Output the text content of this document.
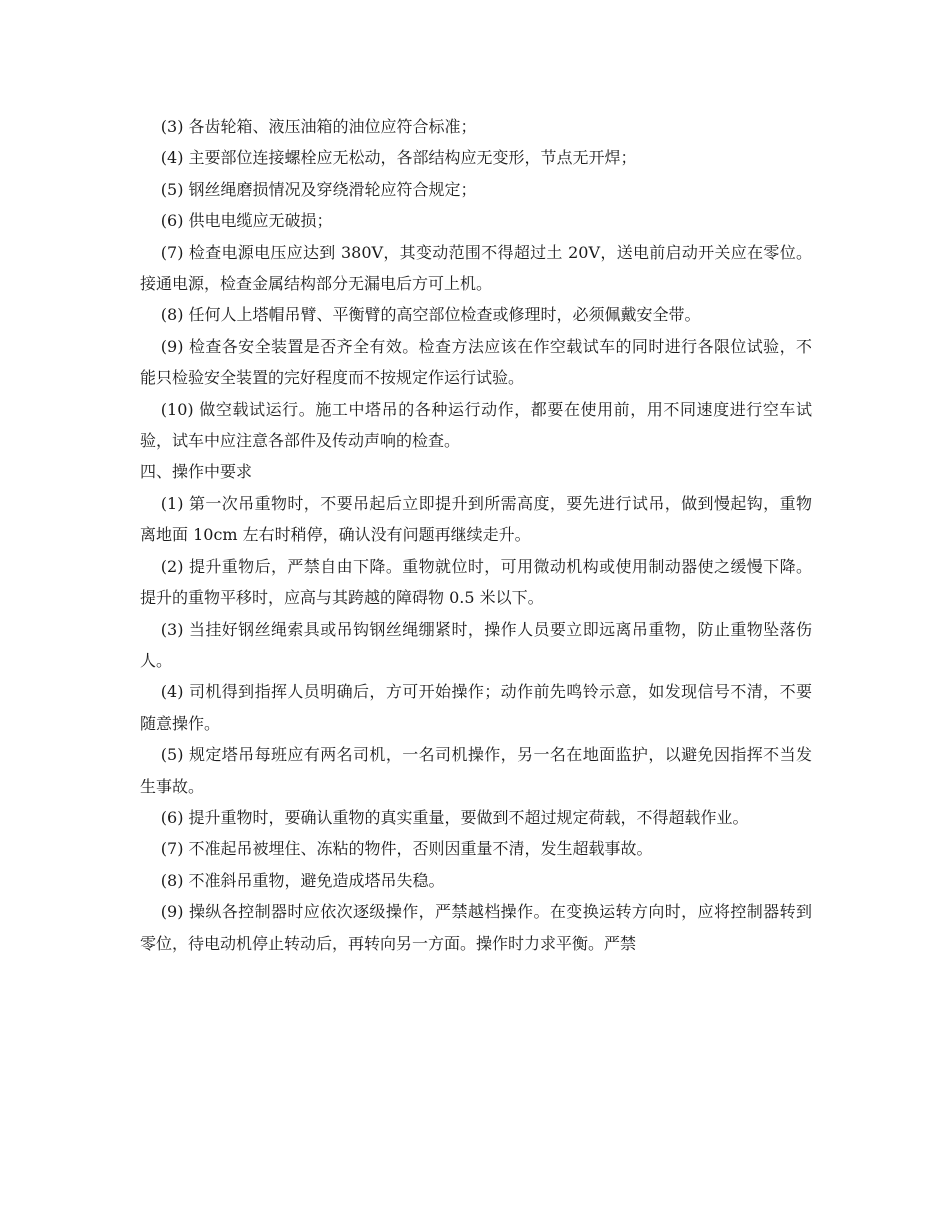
(3) 各齿轮箱、液压油箱的油位应符合标准；

(4) 主要部位连接螺栓应无松动，各部结构应无变形，节点无开焊；

(5) 钢丝绳磨损情况及穿绕滑轮应符合规定；

(6) 供电电缆应无破损；

(7) 检查电源电压应达到 380V，其变动范围不得超过土 20V，送电前启动开关应在零位。接通电源，检查金属结构部分无漏电后方可上机。

(8) 任何人上塔帽吊臂、平衡臂的高空部位检查或修理时，必须佩戴安全带。

(9) 检查各安全装置是否齐全有效。检查方法应该在作空载试车的同时进行各限位试验，不能只检验安全装置的完好程度而不按规定作运行试验。

(10) 做空载试运行。施工中塔吊的各种运行动作，都要在使用前，用不同速度进行空车试验，试车中应注意各部件及传动声响的检查。

四、操作中要求

(1) 第一次吊重物时，不要吊起后立即提升到所需高度，要先进行试吊，做到慢起钩，重物离地面 10cm 左右时稍停，确认没有问题再继续走升。

(2) 提升重物后，严禁自由下降。重物就位时，可用微动机构或使用制动器使之缓慢下降。提升的重物平移时，应高与其跨越的障碍物 0.5 米以下。

(3) 当挂好钢丝绳索具或吊钩钢丝绳绷紧时，操作人员要立即远离吊重物，防止重物坠落伤人。

(4) 司机得到指挥人员明确后，方可开始操作；动作前先鸣铃示意，如发现信号不清，不要随意操作。

(5) 规定塔吊每班应有两名司机，一名司机操作，另一名在地面监护，以避免因指挥不当发生事故。

(6) 提升重物时，要确认重物的真实重量，要做到不超过规定荷载，不得超载作业。

(7) 不准起吊被埋住、冻粘的物件，否则因重量不清，发生超载事故。

(8) 不准斜吊重物，避免造成塔吊失稳。

(9) 操纵各控制器时应依次逐级操作，严禁越档操作。在变换运转方向时，应将控制器转到零位，待电动机停止转动后，再转向另一方面。操作时力求平衡。严禁
